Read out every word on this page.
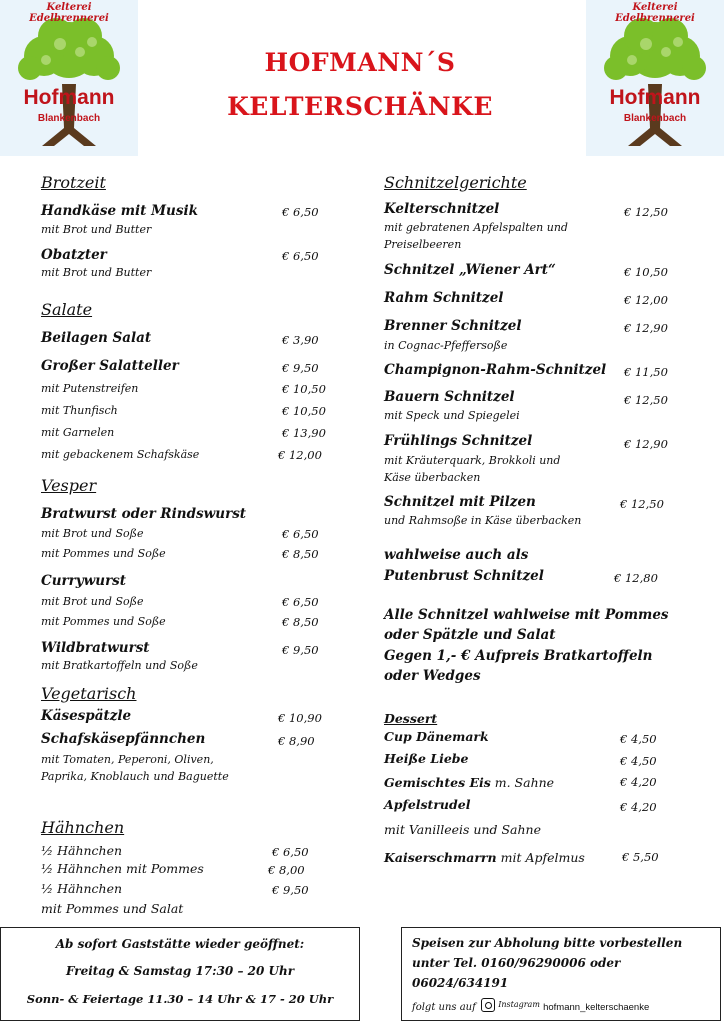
Kelterei Edelbrennerei
Hofmann
Blankenbach
Kelterei Edelbrennerei
Hofmann
Blankenbach
HOFMANN´S
KELTERSCHÄNKE
Brotzeit
Handkäse mit Musik	€ 6,50
mit Brot und Butter
Obatzter	€ 6,50
mit Brot und Butter
Salate
Beilagen Salat	€ 3,90
Großer Salatteller	€ 9,50
mit Putenstreifen	€ 10,50
mit Thunfisch	€ 10,50
mit Garnelen	€ 13,90
mit gebackenem Schafskäse	€ 12,00
Vesper
Bratwurst oder Rindswurst
mit Brot und Soße	€ 6,50
mit Pommes und Soße	€ 8,50
Currywurst
mit Brot und Soße	€ 6,50
mit Pommes und Soße	€ 8,50
Wildbratwurst	€ 9,50
mit Bratkartoffeln und Soße
Vegetarisch
Käsespätzle	€ 10,90
Schafskäsepfännchen	€ 8,90
mit Tomaten, Peperoni, Oliven,
Paprika, Knoblauch und Baguette
Hähnchen
½ Hähnchen	€ 6,50
½ Hähnchen mit Pommes	€ 8,00
½ Hähnchen	€ 9,50
mit Pommes und Salat
Schnitzelgerichte
Kelterschnitzel	€ 12,50
mit gebratenen Apfelspalten und
Preiselbeeren
Schnitzel „Wiener Art“	€ 10,50
Rahm Schnitzel	€ 12,00
Brenner Schnitzel	€ 12,90
in Cognac-Pfeffersoße
Champignon-Rahm-Schnitzel € 11,50
Bauern Schnitzel	€ 12,50
mit Speck und Spiegelei
Frühlings Schnitzel	€ 12,90
mit Kräuterquark, Brokkoli und
Käse überbacken
Schnitzel mit Pilzen	€ 12,50
und Rahmsoße in Käse überbacken
wahlweise auch als
Putenbrust Schnitzel	€ 12,80
Alle Schnitzel wahlweise mit Pommes
oder Spätzle und Salat
Gegen 1,- € Aufpreis Bratkartoffeln
oder Wedges
Dessert
Cup Dänemark	€ 4,50
Heiße Liebe	€ 4,50
Gemischtes Eis m. Sahne	€ 4,20
Apfelstrudel	€ 4,20
mit Vanilleeis und Sahne
Kaiserschmarrn mit Apfelmus	€ 5,50
Ab sofort Gaststätte wieder geöffnet:
Freitag & Samstag 17:30 – 20 Uhr
Sonn- & Feiertage 11.30 – 14 Uhr & 17 - 20 Uhr
Speisen zur Abholung bitte vorbestellen
unter Tel. 0160/96290006 oder
06024/634191
folgt uns auf	$^{Instagram}$ hofmann_kelterschaenke
